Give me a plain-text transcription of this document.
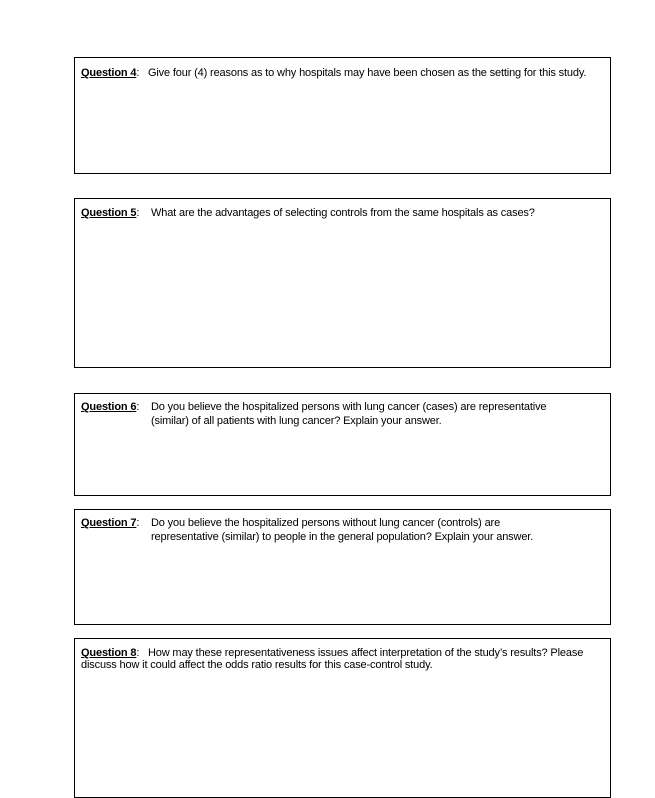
Question 4: Give four (4) reasons as to why hospitals may have been chosen as the setting for this study.
Question 5:	What are the advantages of selecting controls from the same hospitals as cases?
Question 6:	Do you believe the hospitalized persons with lung cancer (cases) are representative (similar) of all patients with lung cancer? Explain your answer.
Question 7:	Do you believe the hospitalized persons without lung cancer (controls) are representative (similar) to people in the general population? Explain your answer.
Question 8: How may these representativeness issues affect interpretation of the study’s results? Please discuss how it could affect the odds ratio results for this case-control study.
